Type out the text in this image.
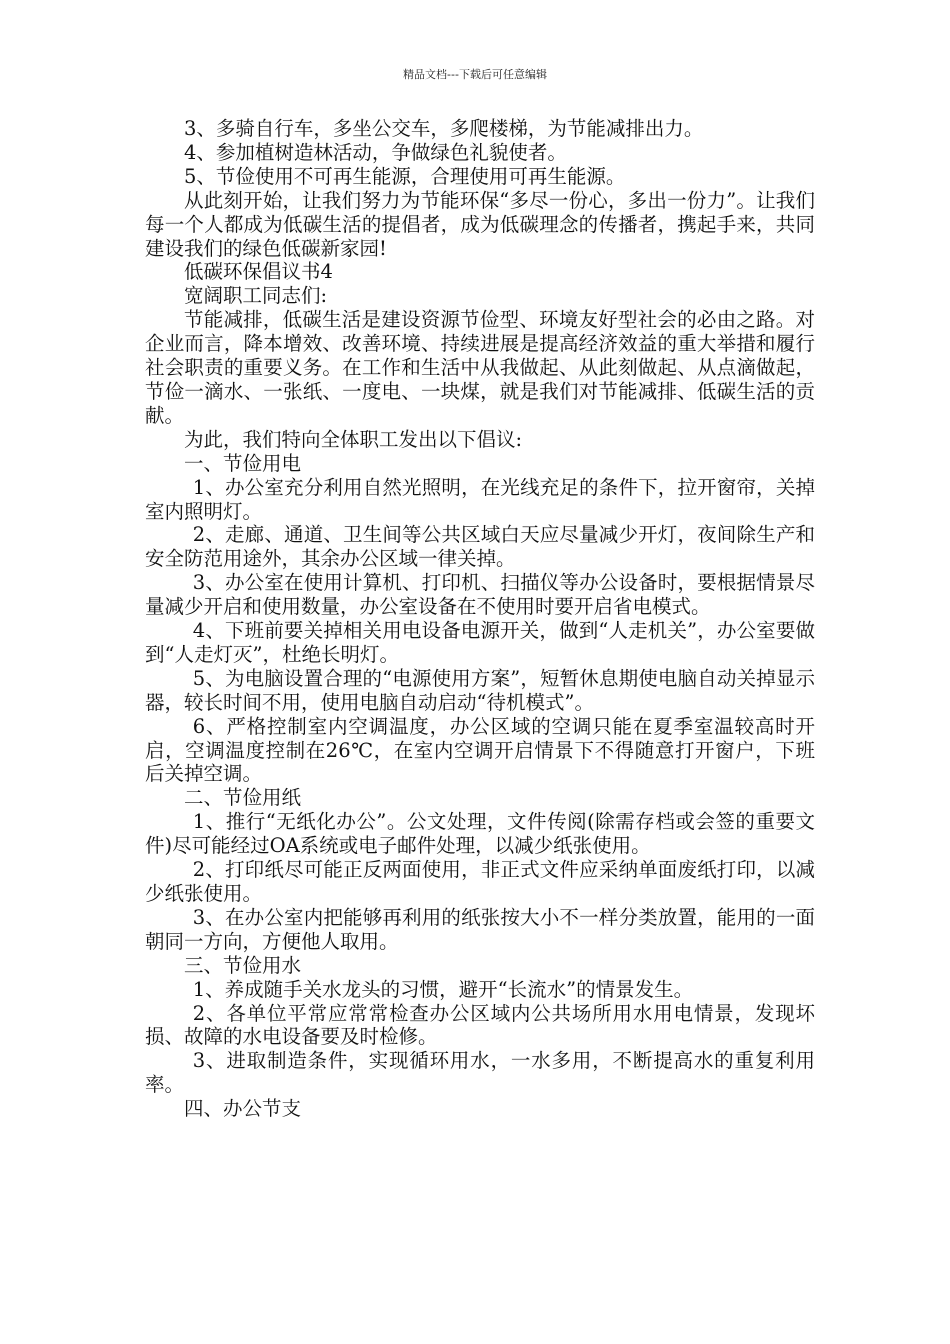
精品文档---下载后可任意编辑

3、多骑自行车，多坐公交车，多爬楼梯，为节能减排出力。

4、参加植树造林活动，争做绿色礼貌使者。

5、节俭使用不可再生能源，合理使用可再生能源。

从此刻开始，让我们努力为节能环保“多尽一份心，多出一份力”。让我们每一个人都成为低碳生活的提倡者，成为低碳理念的传播者，携起手来，共同建设我们的绿色低碳新家园!

低碳环保倡议书4

宽阔职工同志们:

节能减排，低碳生活是建设资源节俭型、环境友好型社会的必由之路。对企业而言，降本增效、改善环境、持续进展是提高经济效益的重大举措和履行社会职责的重要义务。在工作和生活中从我做起、从此刻做起、从点滴做起，节俭一滴水、一张纸、一度电、一块煤，就是我们对节能减排、低碳生活的贡献。

为此，我们特向全体职工发出以下倡议:

一、节俭用电

1、办公室充分利用自然光照明，在光线充足的条件下，拉开窗帘，关掉室内照明灯。

2、走廊、通道、卫生间等公共区域白天应尽量减少开灯，夜间除生产和安全防范用途外，其余办公区域一律关掉。

3、办公室在使用计算机、打印机、扫描仪等办公设备时，要根据情景尽量减少开启和使用数量，办公室设备在不使用时要开启省电模式。

4、下班前要关掉相关用电设备电源开关，做到“人走机关”，办公室要做到“人走灯灭”，杜绝长明灯。

5、为电脑设置合理的“电源使用方案”，短暂休息期使电脑自动关掉显示器，较长时间不用，使用电脑自动启动“待机模式”。

6、严格控制室内空调温度，办公区域的空调只能在夏季室温较高时开启，空调温度控制在26℃，在室内空调开启情景下不得随意打开窗户，下班后关掉空调。

二、节俭用纸

1、推行“无纸化办公”。公文处理，文件传阅(除需存档或会签的重要文件)尽可能经过OA系统或电子邮件处理，以减少纸张使用。

2、打印纸尽可能正反两面使用，非正式文件应采纳单面废纸打印，以减少纸张使用。

3、在办公室内把能够再利用的纸张按大小不一样分类放置，能用的一面朝同一方向，方便他人取用。

三、节俭用水

1、养成随手关水龙头的习惯，避开“长流水”的情景发生。

2、各单位平常应常常检查办公区域内公共场所用水用电情景，发现坏损、故障的水电设备要及时检修。

3、进取制造条件，实现循环用水，一水多用，不断提高水的重复利用率。

四、办公节支
